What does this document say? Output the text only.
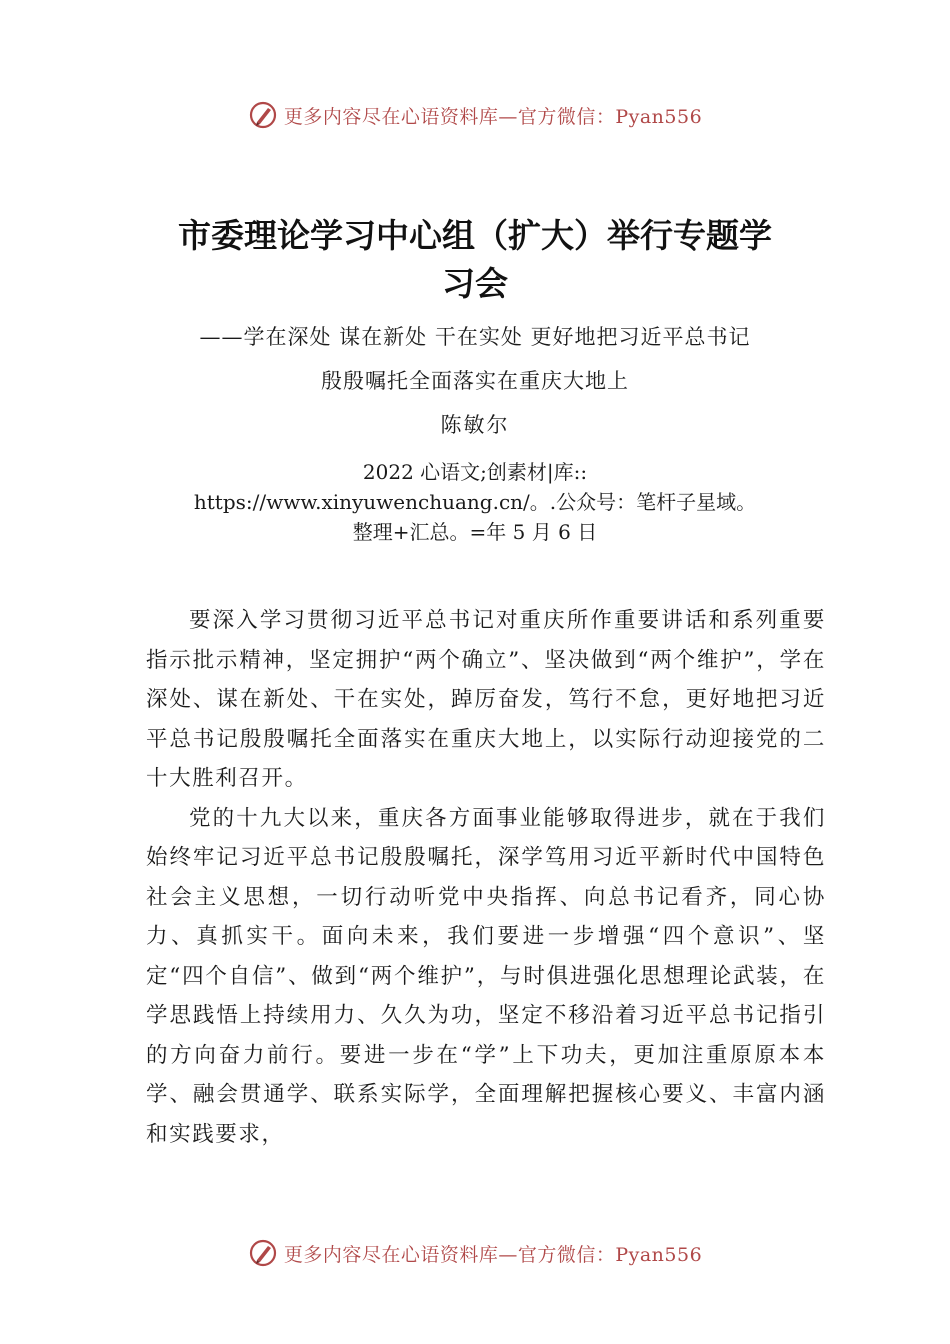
更多内容尽在心语资料库—官方微信：Pyan556
市委理论学习中心组（扩大）举行专题学
习会
——学在深处 谋在新处 干在实处 更好地把习近平总书记
殷殷嘱托全面落实在重庆大地上
陈敏尔
2022 心语文;创素材|库::
https://www.xinyuwenchuang.cn/。.公众号：笔杆子星域。
整理+汇总。=年 5 月 6 日

要深入学习贯彻习近平总书记对重庆所作重要讲话和系列重要指示批示精神，坚定拥护“两个确立”、坚决做到“两个维护”，学在深处、谋在新处、干在实处，踔厉奋发，笃行不怠，更好地把习近平总书记殷殷嘱托全面落实在重庆大地上，以实际行动迎接党的二十大胜利召开。

党的十九大以来，重庆各方面事业能够取得进步，就在于我们始终牢记习近平总书记殷殷嘱托，深学笃用习近平新时代中国特色社会主义思想，一切行动听党中央指挥、向总书记看齐，同心协力、真抓实干。面向未来，我们要进一步增强“四个意识”、坚定“四个自信”、做到“两个维护”，与时俱进强化思想理论武装，在学思践悟上持续用力、久久为功，坚定不移沿着习近平总书记指引的方向奋力前行。要进一步在“学”上下功夫，更加注重原原本本学、融会贯通学、联系实际学，全面理解把握核心要义、丰富内涵和实践要求，

更多内容尽在心语资料库—官方微信：Pyan556
